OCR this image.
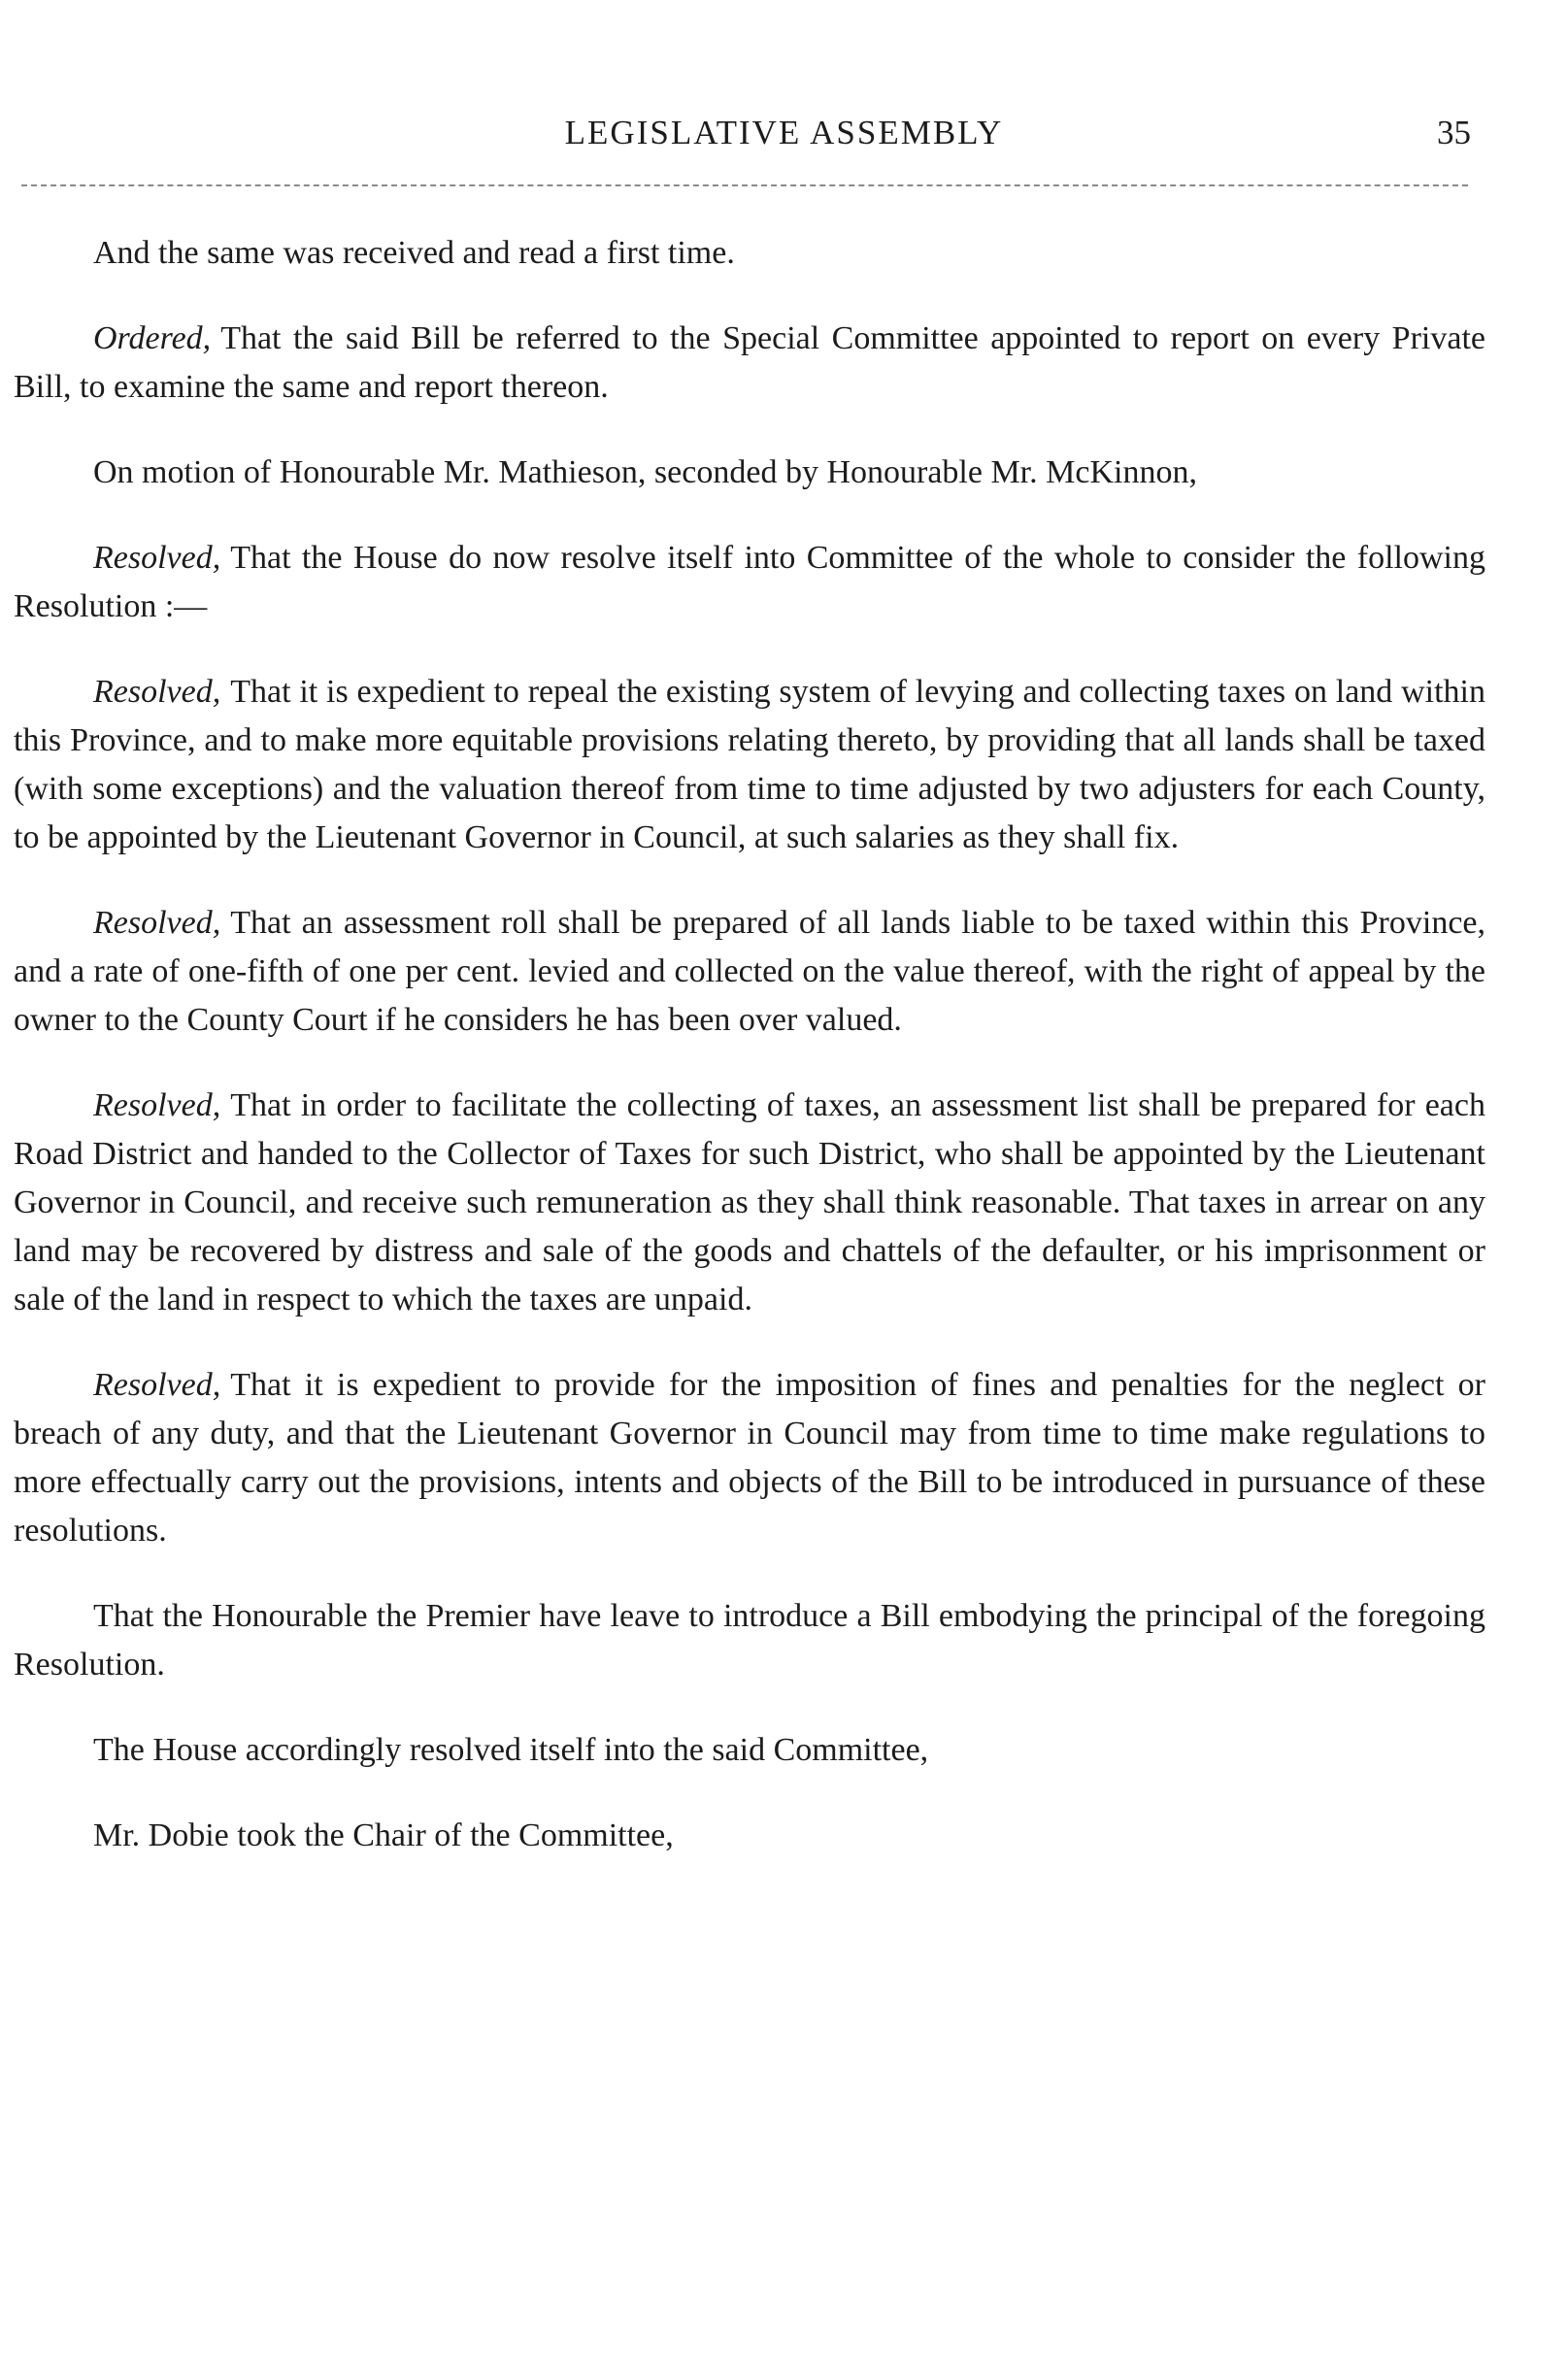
LEGISLATIVE ASSEMBLY	35

And the same was received and read a first time.

Ordered, That the said Bill be referred to the Special Committee appointed to report on every Private Bill, to examine the same and report thereon.

On motion of Honourable Mr. Mathieson, seconded by Honourable Mr. McKinnon,

Resolved, That the House do now resolve itself into Committee of the whole to consider the following Resolution :—

Resolved, That it is expedient to repeal the existing system of levying and collecting taxes on land within this Province, and to make more equitable provisions relating thereto, by providing that all lands shall be taxed (with some exceptions) and the valuation thereof from time to time adjusted by two adjusters for each County, to be appointed by the Lieutenant Governor in Council, at such salaries as they shall fix.

Resolved, That an assessment roll shall be prepared of all lands liable to be taxed within this Province, and a rate of one-fifth of one per cent. levied and collected on the value thereof, with the right of appeal by the owner to the County Court if he considers he has been over valued.

Resolved, That in order to facilitate the collecting of taxes, an assessment list shall be prepared for each Road District and handed to the Collector of Taxes for such District, who shall be appointed by the Lieutenant Governor in Council, and receive such remuneration as they shall think reasonable. That taxes in arrear on any land may be recovered by distress and sale of the goods and chattels of the defaulter, or his imprisonment or sale of the land in respect to which the taxes are unpaid.

Resolved, That it is expedient to provide for the imposition of fines and penalties for the neglect or breach of any duty, and that the Lieutenant Governor in Council may from time to time make regulations to more effectually carry out the provisions, intents and objects of the Bill to be introduced in pursuance of these resolutions.

That the Honourable the Premier have leave to introduce a Bill embodying the principal of the foregoing Resolution.

The House accordingly resolved itself into the said Committee,

Mr. Dobie took the Chair of the Committee,
